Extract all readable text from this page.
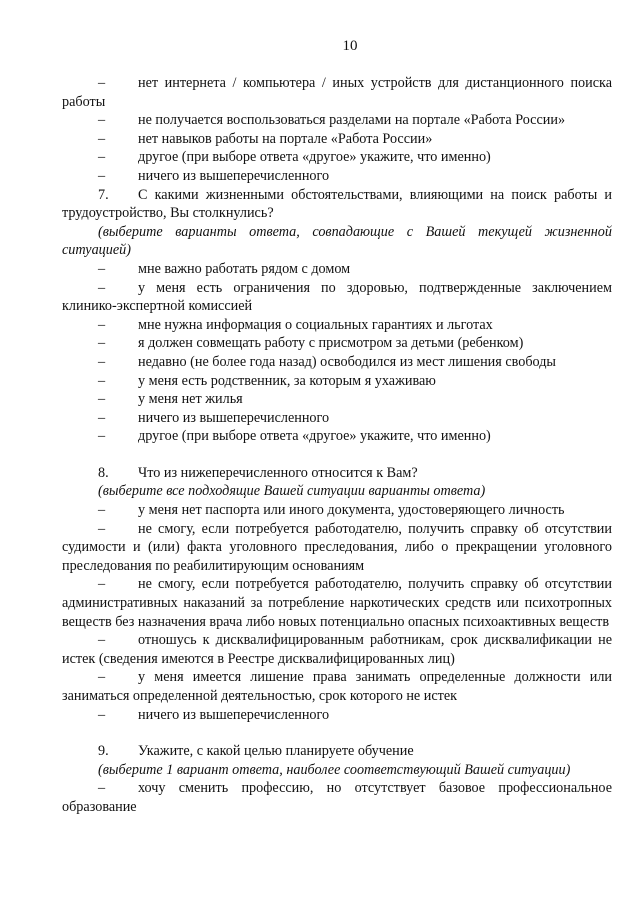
10
– нет интернета / компьютера / иных устройств для дистанционного поиска работы
– не получается воспользоваться разделами на портале «Работа России»
– нет навыков работы на портале «Работа России»
– другое (при выборе ответа «другое» укажите, что именно)
– ничего из вышеперечисленного
7. С какими жизненными обстоятельствами, влияющими на поиск работы и трудоустройство, Вы столкнулись?
(выберите варианты ответа, совпадающие с Вашей текущей жизненной ситуацией)
– мне важно работать рядом с домом
– у меня есть ограничения по здоровью, подтвержденные заключением клинико-экспертной комиссией
– мне нужна информация о социальных гарантиях и льготах
– я должен совмещать работу с присмотром за детьми (ребенком)
– недавно (не более года назад) освободился из мест лишения свободы
– у меня есть родственник, за которым я ухаживаю
– у меня нет жилья
– ничего из вышеперечисленного
– другое (при выборе ответа «другое» укажите, что именно)
8. Что из нижеперечисленного относится к Вам?
(выберите все подходящие Вашей ситуации варианты ответа)
– у меня нет паспорта или иного документа, удостоверяющего личность
– не смогу, если потребуется работодателю, получить справку об отсутствии судимости и (или) факта уголовного преследования, либо о прекращении уголовного преследования по реабилитирующим основаниям
– не смогу, если потребуется работодателю, получить справку об отсутствии административных наказаний за потребление наркотических средств или психотропных веществ без назначения врача либо новых потенциально опасных психоактивных веществ
– отношусь к дисквалифицированным работникам, срок дисквалификации не истек (сведения имеются в Реестре дисквалифицированных лиц)
– у меня имеется лишение права занимать определенные должности или заниматься определенной деятельностью, срок которого не истек
– ничего из вышеперечисленного
9. Укажите, с какой целью планируете обучение
(выберите 1 вариант ответа, наиболее соответствующий Вашей ситуации)
– хочу сменить профессию, но отсутствует базовое профессиональное образование
